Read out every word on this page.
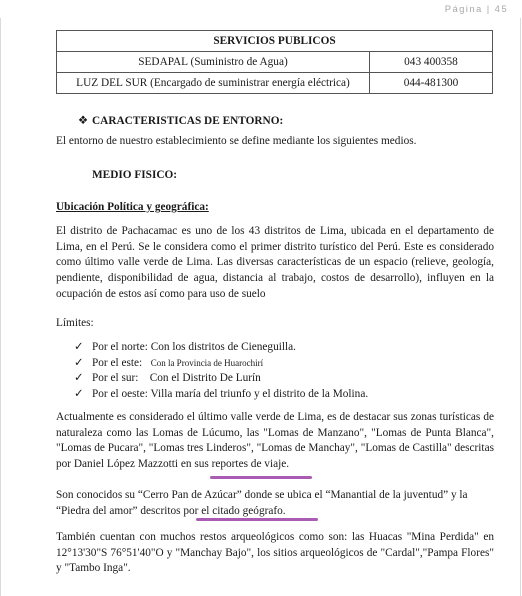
Página | 45
SERVICIOS PUBLICOS	
SEDAPAL (Suministro de Agua)	043 400358
LUZ DEL SUR (Encargado de suministrar energía eléctrica)	044-481300
❖ CARACTERISTICAS DE ENTORNO:
El entorno de nuestro establecimiento se define mediante los siguientes medios.
MEDIO FISICO:
Ubicación Política y geográfica:
El distrito de Pachacamac es uno de los 43 distritos de Lima, ubicada en el departamento de Lima, en el Perú. Se le considera como el primer distrito turístico del Perú. Este es considerado como último valle verde de Lima. Las diversas características de un espacio (relieve, geología, pendiente, disponibilidad de agua, distancia al trabajo, costos de desarrollo), influyen en la ocupación de estos así como para uso de suelo
Límites:
✓ Por el norte: Con los distritos de Cieneguilla.
✓ Por el este: Con la Provincia de Huarochirí
✓ Por el sur: Con el Distrito De Lurín
✓ Por el oeste: Villa maría del triunfo y el distrito de la Molina.
Actualmente es considerado el último valle verde de Lima, es de destacar sus zonas turísticas de naturaleza como las Lomas de Lúcumo, las "Lomas de Manzano", "Lomas de Punta Blanca", "Lomas de Pucara", "Lomas tres Linderos", "Lomas de Manchay", "Lomas de Castilla" descritas por Daniel López Mazzotti en sus reportes de viaje.
Son conocidos su “Cerro Pan de Azúcar” donde se ubica el “Manantial de la juventud” y la “Piedra del amor” descritos por el citado geógrafo.
También cuentan con muchos restos arqueológicos como son: las Huacas "Mina Perdida" en 12°13'30"S 76°51'40"O y "Manchay Bajo", los sitios arqueológicos de "Cardal","Pampa Flores" y "Tambo Inga".
